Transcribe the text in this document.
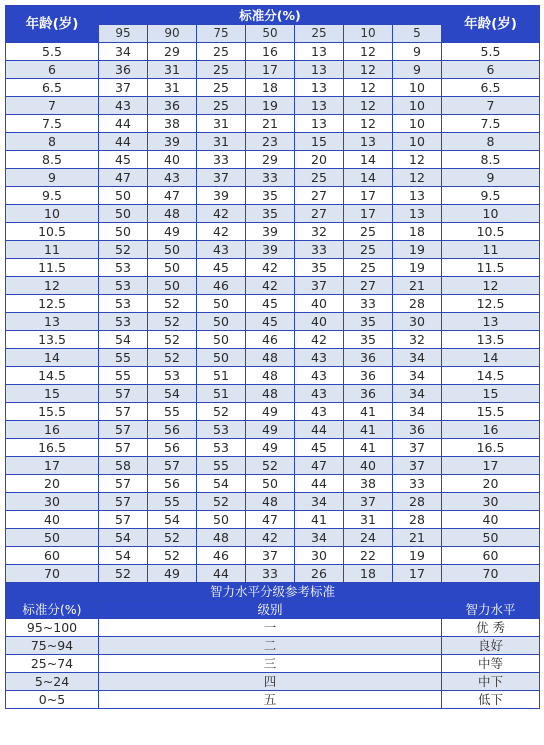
年龄(岁)	标准分(%)							年龄(岁)
	95	90	75	50	25	10	5	
5.5	34	29	25	16	13	12	9	5.5
6	36	31	25	17	13	12	9	6
6.5	37	31	25	18	13	12	10	6.5
7	43	36	25	19	13	12	10	7
7.5	44	38	31	21	13	12	10	7.5
8	44	39	31	23	15	13	10	8
8.5	45	40	33	29	20	14	12	8.5
9	47	43	37	33	25	14	12	9
9.5	50	47	39	35	27	17	13	9.5
10	50	48	42	35	27	17	13	10
10.5	50	49	42	39	32	25	18	10.5
11	52	50	43	39	33	25	19	11
11.5	53	50	45	42	35	25	19	11.5
12	53	50	46	42	37	27	21	12
12.5	53	52	50	45	40	33	28	12.5
13	53	52	50	45	40	35	30	13
13.5	54	52	50	46	42	35	32	13.5
14	55	52	50	48	43	36	34	14
14.5	55	53	51	48	43	36	34	14.5
15	57	54	51	48	43	36	34	15
15.5	57	55	52	49	43	41	34	15.5
16	57	56	53	49	44	41	36	16
16.5	57	56	53	49	45	41	37	16.5
17	58	57	55	52	47	40	37	17
20	57	56	54	50	44	38	33	20
30	57	55	52	48	34	37	28	30
40	57	54	50	47	41	31	28	40
50	54	52	48	42	34	24	21	50
60	54	52	46	37	30	22	19	60
70	52	49	44	33	26	18	17	70
智力水平分级参考标准								
标准分(%)	级别							智力水平
95~100	一							优 秀
75~94	二							良好
25~74	三							中等
5~24	四							中下
0~5	五							低下
